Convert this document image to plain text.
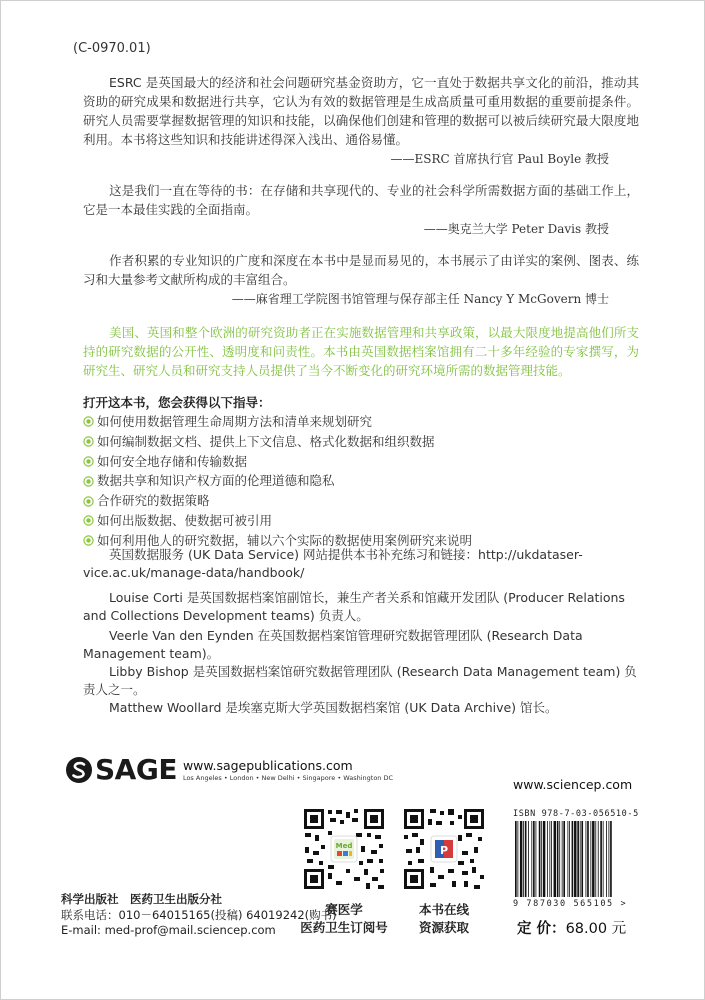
(C-0970.01)
ESRC 是英国最大的经济和社会问题研究基金资助方，它一直处于数据共享文化的前沿，推动其资助的研究成果和数据进行共享，它认为有效的数据管理是生成高质量可重用数据的重要前提条件。研究人员需要掌握数据管理的知识和技能，以确保他们创建和管理的数据可以被后续研究最大限度地利用。本书将这些知识和技能讲述得深入浅出、通俗易懂。
——ESRC 首席执行官 Paul Boyle 教授
这是我们一直在等待的书：在存储和共享现代的、专业的社会科学所需数据方面的基础工作上，它是一本最佳实践的全面指南。
——奥克兰大学 Peter Davis 教授
作者积累的专业知识的广度和深度在本书中是显而易见的，本书展示了由详实的案例、图表、练习和大量参考文献所构成的丰富组合。
——麻省理工学院图书馆管理与保存部主任 Nancy Y McGovern 博士
美国、英国和整个欧洲的研究资助者正在实施数据管理和共享政策，以最大限度地提高他们所支持的研究数据的公开性、透明度和问责性。本书由英国数据档案馆拥有二十多年经验的专家撰写，为研究生、研究人员和研究支持人员提供了当今不断变化的研究环境所需的数据管理技能。
打开这本书，您会获得以下指导：
如何使用数据管理生命周期方法和清单来规划研究
如何编制数据文档、提供上下文信息、格式化数据和组织数据
如何安全地存储和传输数据
数据共享和知识产权方面的伦理道德和隐私
合作研究的数据策略
如何出版数据、使数据可被引用
如何利用他人的研究数据，辅以六个实际的数据使用案例研究来说明

英国数据服务 (UK Data Service) 网站提供本书补充练习和链接：http://ukdataser-

vice.ac.uk/manage-data/handbook/

Louise Corti 是英国数据档案馆副馆长，兼生产者关系和馆藏开发团队 (Producer Relations

and Collections Development teams) 负责人。

Veerle Van den Eynden 在英国数据档案馆管理研究数据管理团队 (Research Data

Management team)。

Libby Bishop 是英国数据档案馆研究数据管理团队 (Research Data Management team) 负

责人之一。

Matthew Woollard 是埃塞克斯大学英国数据档案馆 (UK Data Archive) 馆长。

SAGE www.sagepublications.com
Los Angeles • London • New Delhi • Singapore • Washington DC	www.sciencep.com
Med
赛医学
医药卫生订阅号
P
本书在线
资源获取
科学出版社　医药卫生出版分社
联系电话：010－64015165(投稿) 64019242(购书)
E-mail: med-prof@mail.sciencep.com
ISBN 978-7-03-056510-5
9 787030 565105 >
定 价：68.00 元
